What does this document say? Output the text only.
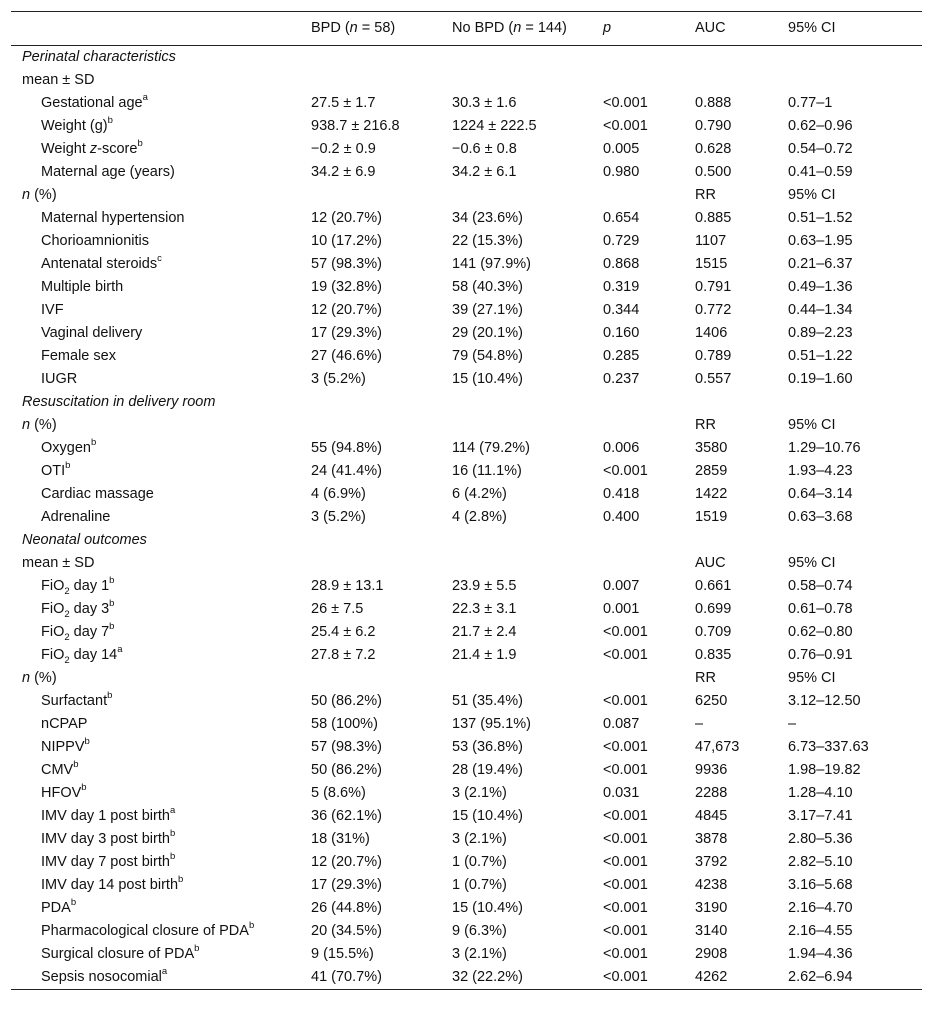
	BPD (n = 58)	No BPD (n = 144)	p	AUC	95% CI
Perinatal characteristics					
mean ± SD					
Gestational age$^a$	27.5 ± 1.7	30.3 ± 1.6	<0.001	0.888	0.77–1
Weight $(g)^b$	938.7 ± 216.8	1224 ± 222.5	<0.001	0.790	0.62–0.96
Weight z-score$^b$	−0.2 ± 0.9	−0.6 ± 0.8	0.005	0.628	0.54–0.72
Maternal age (years)	34.2 ± 6.9	34.2 ± 6.1	0.980	0.500	0.41–0.59
n (%)				RR	95% CI
Maternal hypertension	12 (20.7%)	34 (23.6%)	0.654	0.885	0.51–1.52
Chorioamnionitis	10 (17.2%)	22 (15.3%)	0.729	1107	0.63–1.95
Antenatal steroids$^c$	57 (98.3%)	141 (97.9%)	0.868	1515	0.21–6.37
Multiple birth	19 (32.8%)	58 (40.3%)	0.319	0.791	0.49–1.36
IVF	12 (20.7%)	39 (27.1%)	0.344	0.772	0.44–1.34
Vaginal delivery	17 (29.3%)	29 (20.1%)	0.160	1406	0.89–2.23
Female sex	27 (46.6%)	79 (54.8%)	0.285	0.789	0.51–1.22
IUGR	3 (5.2%)	15 (10.4%)	0.237	0.557	0.19–1.60
Resuscitation in delivery room					
n (%)				RR	95% CI
Oxygen$^b$	55 (94.8%)	114 (79.2%)	0.006	3580	1.29–10.76
OTI$^b$	24 (41.4%)	16 (11.1%)	<0.001	2859	1.93–4.23
Cardiac massage	4 (6.9%)	6 (4.2%)	0.418	1422	0.64–3.14
Adrenaline	3 (5.2%)	4 (2.8%)	0.400	1519	0.63–3.68
Neonatal outcomes					
mean ± SD				AUC	95% CI
FiO$_2$ day 1$^b$	28.9 ± 13.1	23.9 ± 5.5	0.007	0.661	0.58–0.74
FiO$_2$ day 3$^b$	26 ± 7.5	22.3 ± 3.1	0.001	0.699	0.61–0.78
FiO$_2$ day 7$^b$	25.4 ± 6.2	21.7 ± 2.4	<0.001	0.709	0.62–0.80
FiO$_2$ day 14$^a$	27.8 ± 7.2	21.4 ± 1.9	<0.001	0.835	0.76–0.91
n (%)				RR	95% CI
Surfactant$^b$	50 (86.2%)	51 (35.4%)	<0.001	6250	3.12–12.50
nCPAP	58 (100%)	137 (95.1%)	0.087	–	–
NIPPV$^b$	57 (98.3%)	53 (36.8%)	<0.001	47,673	6.73–337.63
CMV$^b$	50 (86.2%)	28 (19.4%)	<0.001	9936	1.98–19.82
HFOV$^b$	5 (8.6%)	3 (2.1%)	0.031	2288	1.28–4.10
IMV day 1 post birth$^a$	36 (62.1%)	15 (10.4%)	<0.001	4845	3.17–7.41
IMV day 3 post birth$^b$	18 (31%)	3 (2.1%)	<0.001	3878	2.80–5.36
IMV day 7 post birth$^b$	12 (20.7%)	1 (0.7%)	<0.001	3792	2.82–5.10
IMV day 14 post birth$^b$	17 (29.3%)	1 (0.7%)	<0.001	4238	3.16–5.68
PDA$^b$	26 (44.8%)	15 (10.4%)	<0.001	3190	2.16–4.70
Pharmacological closure of PDA$^b$	20 (34.5%)	9 (6.3%)	<0.001	3140	2.16–4.55
Surgical closure of PDA$^b$	9 (15.5%)	3 (2.1%)	<0.001	2908	1.94–4.36
Sepsis nosocomial$^a$	41 (70.7%)	32 (22.2%)	<0.001	4262	2.62–6.94
